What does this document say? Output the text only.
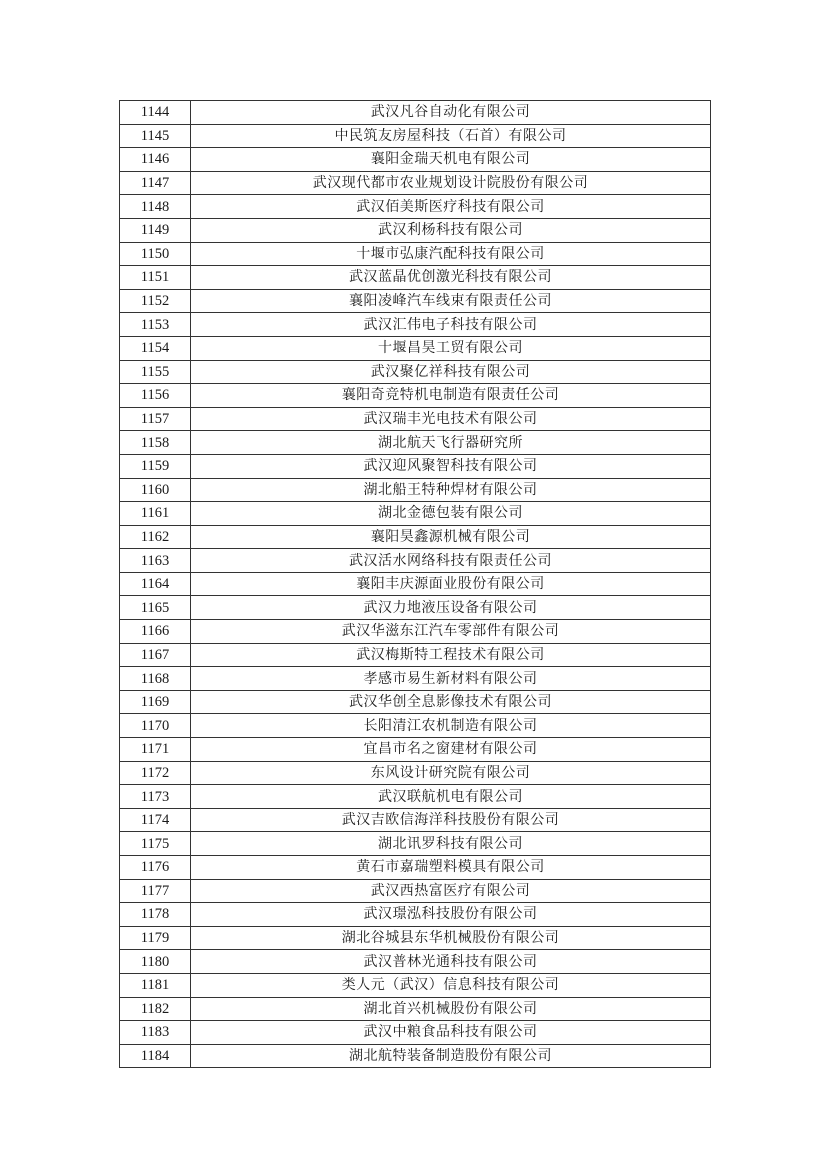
1144	武汉凡谷自动化有限公司
1145	中民筑友房屋科技（石首）有限公司
1146	襄阳金瑞天机电有限公司
1147	武汉现代都市农业规划设计院股份有限公司
1148	武汉佰美斯医疗科技有限公司
1149	武汉利杨科技有限公司
1150	十堰市弘康汽配科技有限公司
1151	武汉蓝晶优创激光科技有限公司
1152	襄阳凌峰汽车线束有限责任公司
1153	武汉汇伟电子科技有限公司
1154	十堰昌昊工贸有限公司
1155	武汉聚亿祥科技有限公司
1156	襄阳奇竞特机电制造有限责任公司
1157	武汉瑞丰光电技术有限公司
1158	湖北航天飞行器研究所
1159	武汉迎风聚智科技有限公司
1160	湖北船王特种焊材有限公司
1161	湖北金德包装有限公司
1162	襄阳昊鑫源机械有限公司
1163	武汉活水网络科技有限责任公司
1164	襄阳丰庆源面业股份有限公司
1165	武汉力地液压设备有限公司
1166	武汉华滋东江汽车零部件有限公司
1167	武汉梅斯特工程技术有限公司
1168	孝感市易生新材料有限公司
1169	武汉华创全息影像技术有限公司
1170	长阳清江农机制造有限公司
1171	宜昌市名之窗建材有限公司
1172	东风设计研究院有限公司
1173	武汉联航机电有限公司
1174	武汉吉欧信海洋科技股份有限公司
1175	湖北讯罗科技有限公司
1176	黄石市嘉瑞塑料模具有限公司
1177	武汉西热富医疗有限公司
1178	武汉璟泓科技股份有限公司
1179	湖北谷城县东华机械股份有限公司
1180	武汉普林光通科技有限公司
1181	类人元（武汉）信息科技有限公司
1182	湖北首兴机械股份有限公司
1183	武汉中粮食品科技有限公司
1184	湖北航特装备制造股份有限公司
